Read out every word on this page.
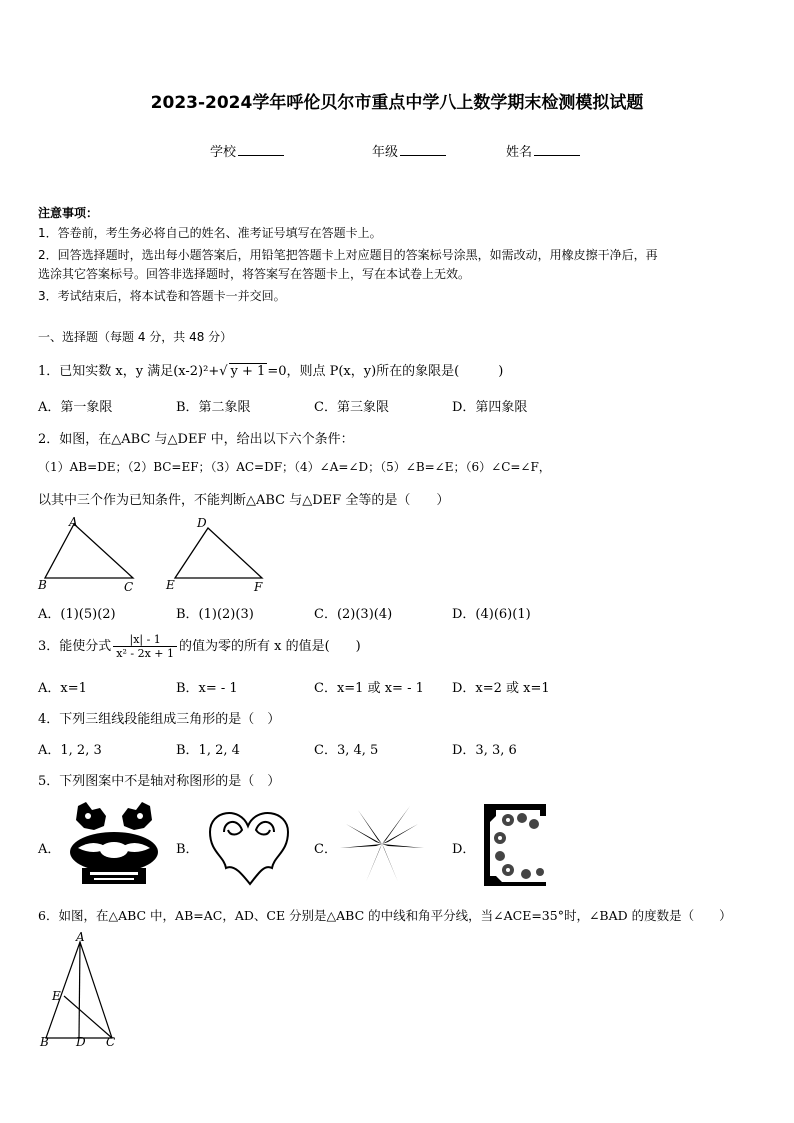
2023-2024学年呼伦贝尔市重点中学八上数学期末检测模拟试题
学校	年级	姓名
注意事项：
1．答卷前，考生务必将自己的姓名、准考证号填写在答题卡上。
2．回答选择题时，选出每小题答案后，用铅笔把答题卡上对应题目的答案标号涂黑，如需改动，用橡皮擦干净后，再
选涂其它答案标号。回答非选择题时，将答案写在答题卡上，写在本试卷上无效。
3．考试结束后，将本试卷和答题卡一并交回。
一、选择题（每题 4 分，共 48 分）
1．已知实数 x，y 满足(x-2)²+√ y + 1 =0，则点 P(x，y)所在的象限是(　　　)
A．第一象限	B．第二象限	C．第三象限	D．第四象限
2．如图，在△ABC 与△DEF 中，给出以下六个条件：
（1）AB=DE；（2）BC=EF；（3）AC=DF；（4）∠A=∠D；（5）∠B=∠E；（6）∠C=∠F，
以其中三个作为已知条件，不能判断△ABC 与△DEF 全等的是（　　）
A
B	C
D
E	F
A．(1)(5)(2)	B．(1)(2)(3)	C．(2)(3)(4)	D．(4)(6)(1)
3．能使分式 $\frac{|x| - 1}{\text{x² - 2x + 1}}$ 的值为零的所有 x 的值是(　　)
A．x=1	B．x= - 1	C．x=1 或 x= - 1 D．x=2 或 x=1
4．下列三组线段能组成三角形的是（　）
A．1, 2, 3	B．1, 2, 4	C．3, 4, 5	D．3, 3, 6
5．下列图案中不是轴对称图形的是（　）
A．	B．	C．	D．
6．如图，在△ABC 中，AB=AC，AD、CE 分别是△ABC 的中线和角平分线，当∠ACE=35°时，∠BAD 的度数是（　　）
A
E
B D C
